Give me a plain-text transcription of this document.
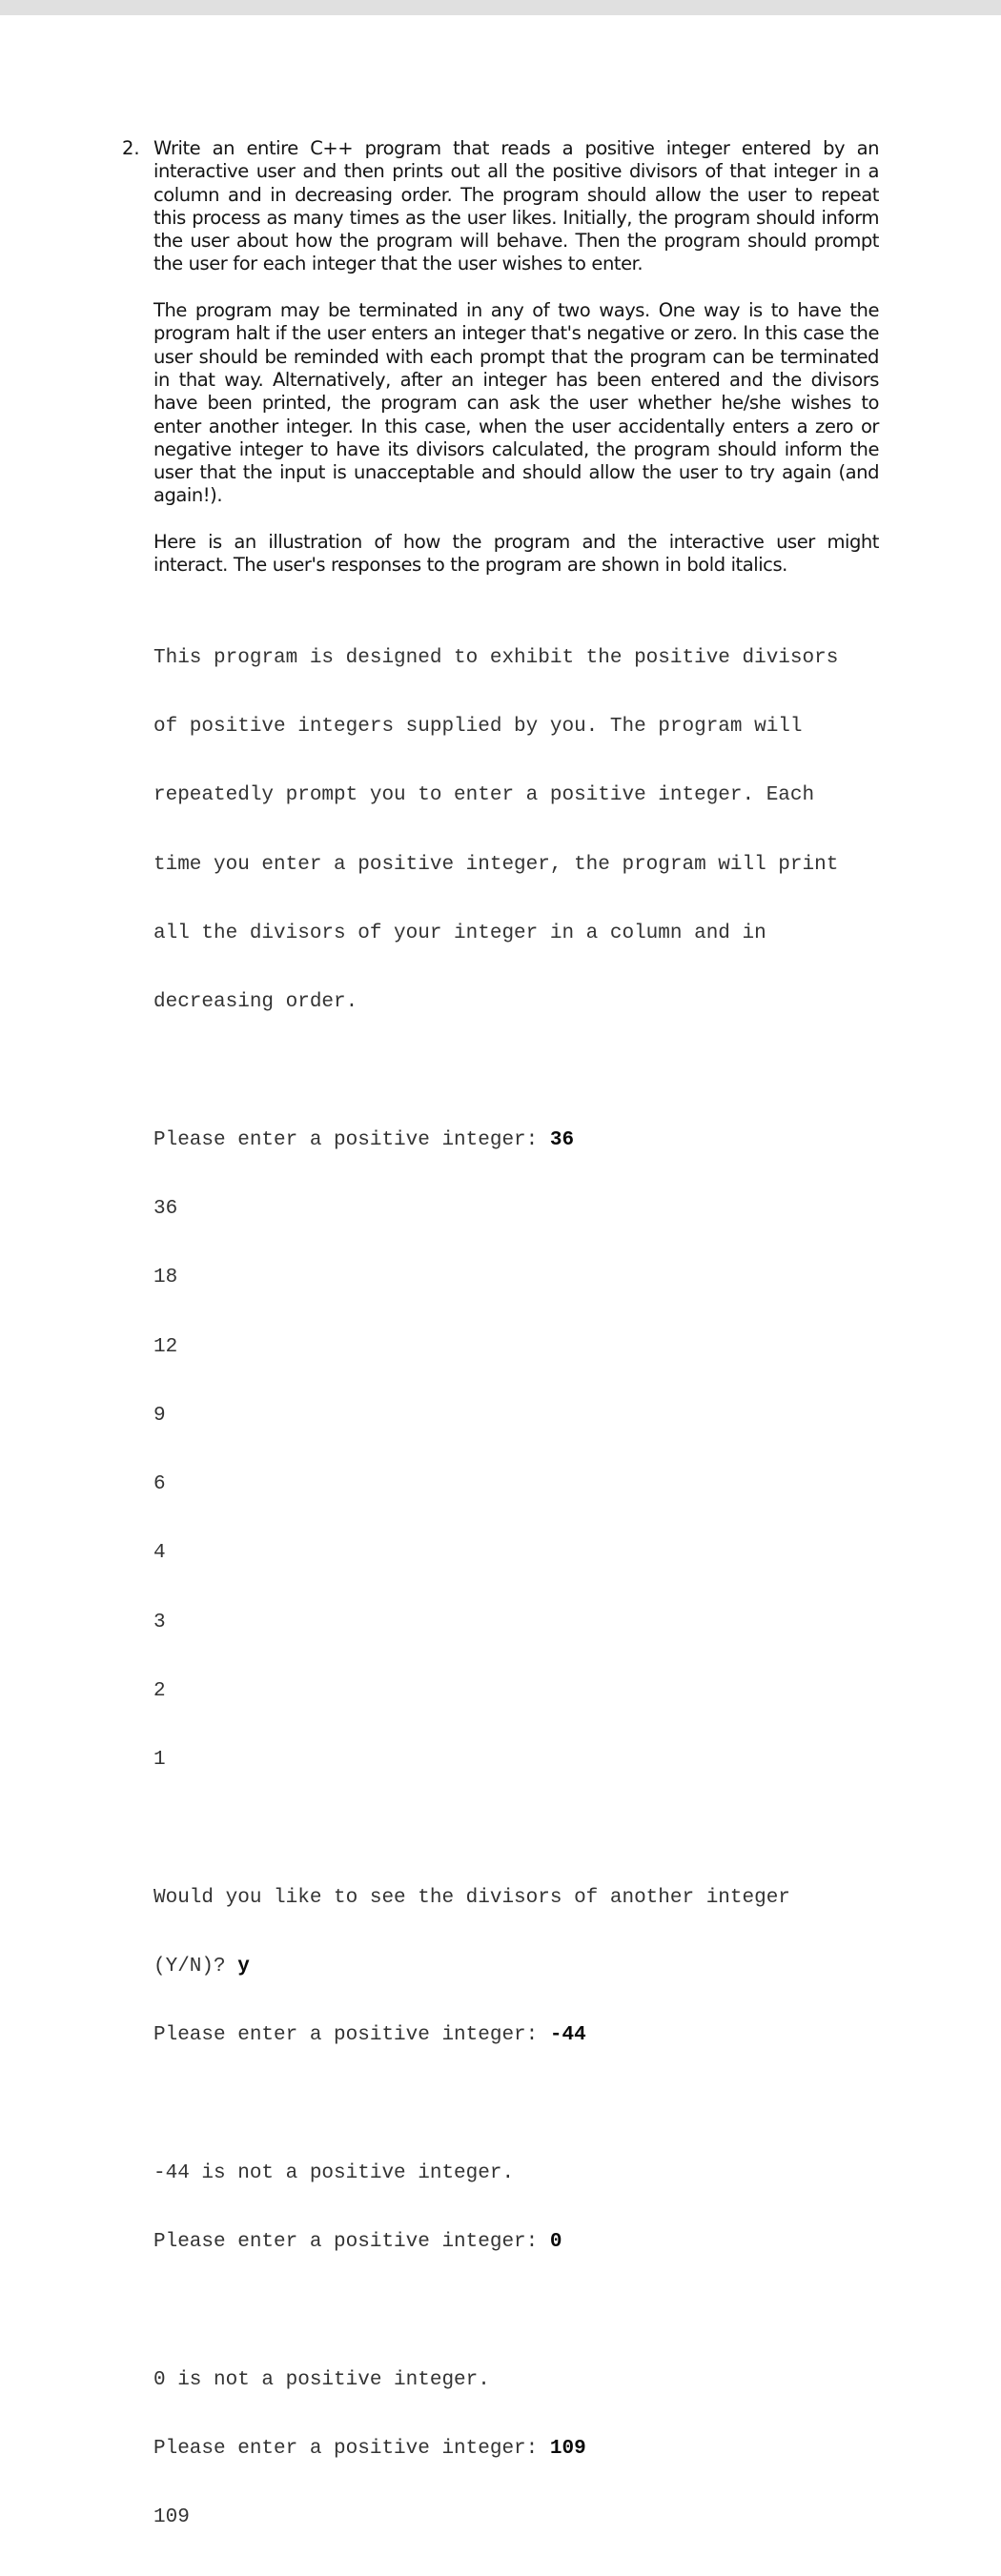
2. Write an entire C++ program that reads a positive integer entered by an interactive user and then prints out all the positive divisors of that integer in a column and in decreasing order. The program should allow the user to repeat this process as many times as the user likes. Initially, the program should inform the user about how the program will behave. Then the program should prompt the user for each integer that the user wishes to enter.

The program may be terminated in any of two ways. One way is to have the program halt if the user enters an integer that's negative or zero. In this case the user should be reminded with each prompt that the program can be terminated in that way. Alternatively, after an integer has been entered and the divisors have been printed, the program can ask the user whether he/she wishes to enter another integer. In this case, when the user accidentally enters a zero or negative integer to have its divisors calculated, the program should inform the user that the input is unacceptable and should allow the user to try again (and again!).

Here is an illustration of how the program and the interactive user might interact. The user's responses to the program are shown in bold italics.

This program is designed to exhibit the positive divisors

of positive integers supplied by you. The program will

repeatedly prompt you to enter a positive integer. Each

time you enter a positive integer, the program will print

all the divisors of your integer in a column and in

decreasing order.

Please enter a positive integer: 36

36

18

12

9

6

4

3

2

1

Would you like to see the divisors of another integer

(Y/N)? y

Please enter a positive integer: -44

-44 is not a positive integer.

Please enter a positive integer: 0

0 is not a positive integer.

Please enter a positive integer: 109

109
